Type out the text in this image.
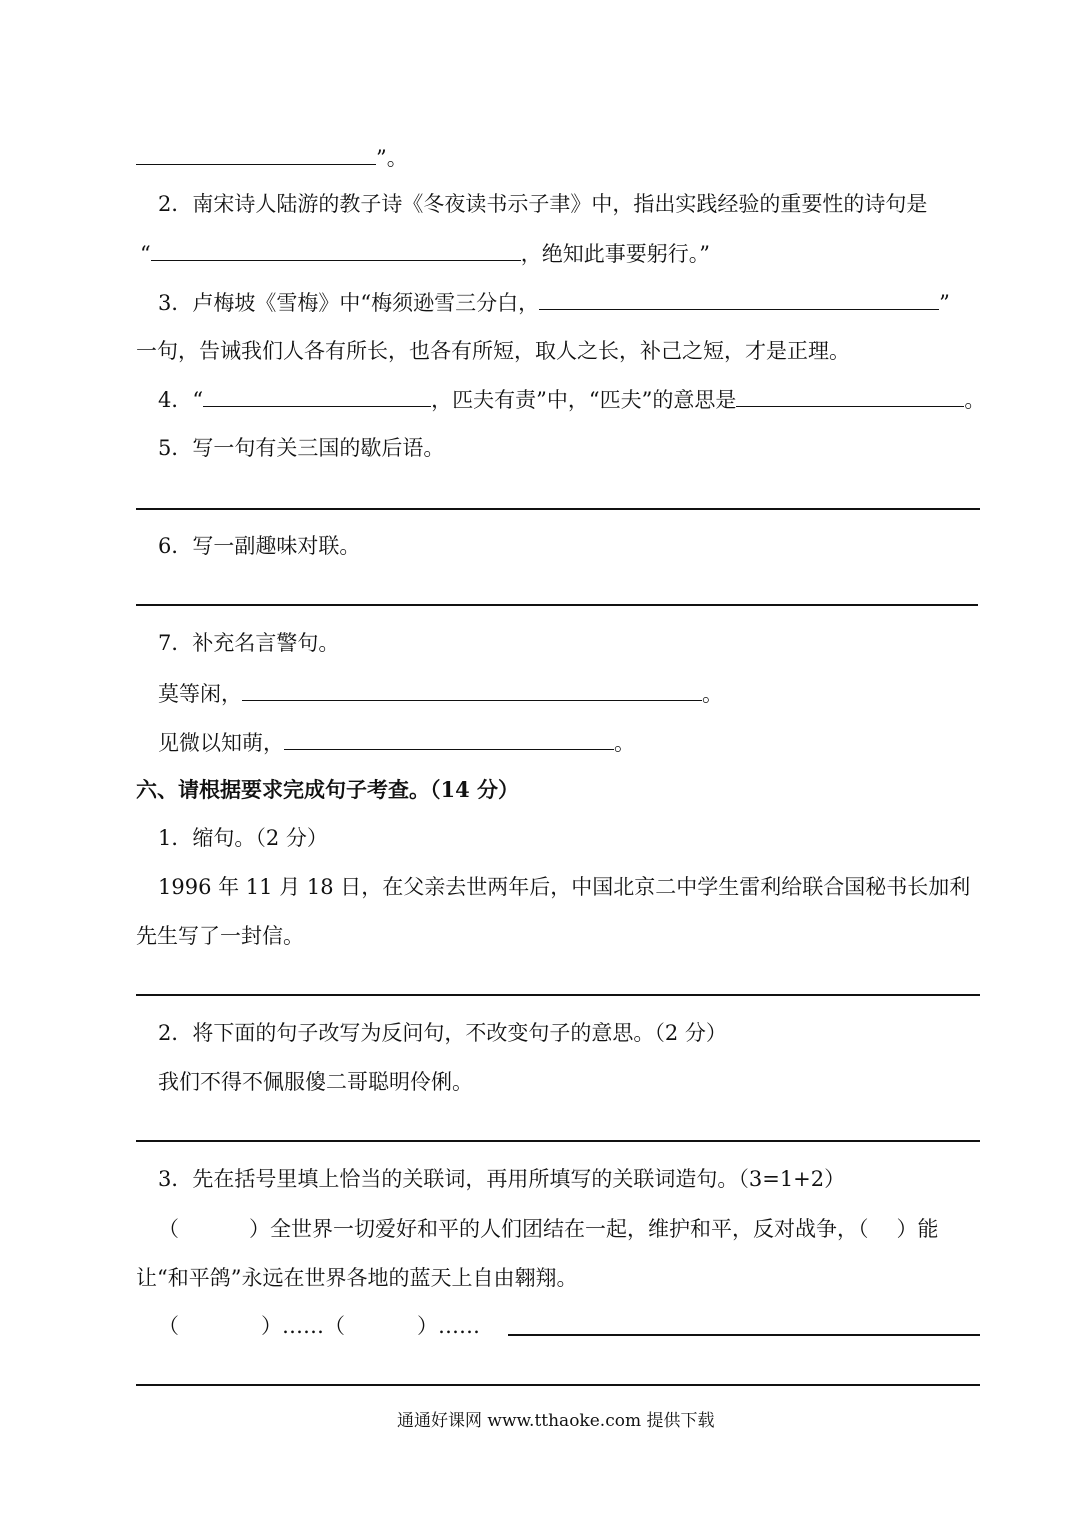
”。
2．南宋诗人陆游的教子诗《冬夜读书示子聿》中，指出实践经验的重要性的诗句是
“	，绝知此事要躬行。”
3．卢梅坡《雪梅》中“梅须逊雪三分白，	”
一句，告诫我们人各有所长，也各有所短，取人之长，补己之短，才是正理。
4．“	，匹夫有责”中，“匹夫”的意思是	。
5．写一句有关三国的歇后语。
6．写一副趣味对联。
7．补充名言警句。
莫等闲，	。
见微以知萌，	。
六、请根据要求完成句子考查。（14 分）
1．缩句。（2 分）
1996 年 11 月 18 日，在父亲去世两年后，中国北京二中学生雷利给联合国秘书长加利
先生写了一封信。
2．将下面的句子改写为反问句，不改变句子的意思。（2 分）
我们不得不佩服傻二哥聪明伶俐。
3．先在括号里填上恰当的关联词，再用所填写的关联词造句。（3=1+2）
（	）全世界一切爱好和平的人们团结在一起，维护和平，反对战争，（ ）能
让“和平鸽”永远在世界各地的蓝天上自由翱翔。
（	）……（	）……
通通好课网 www.tthaoke.com 提供下载
